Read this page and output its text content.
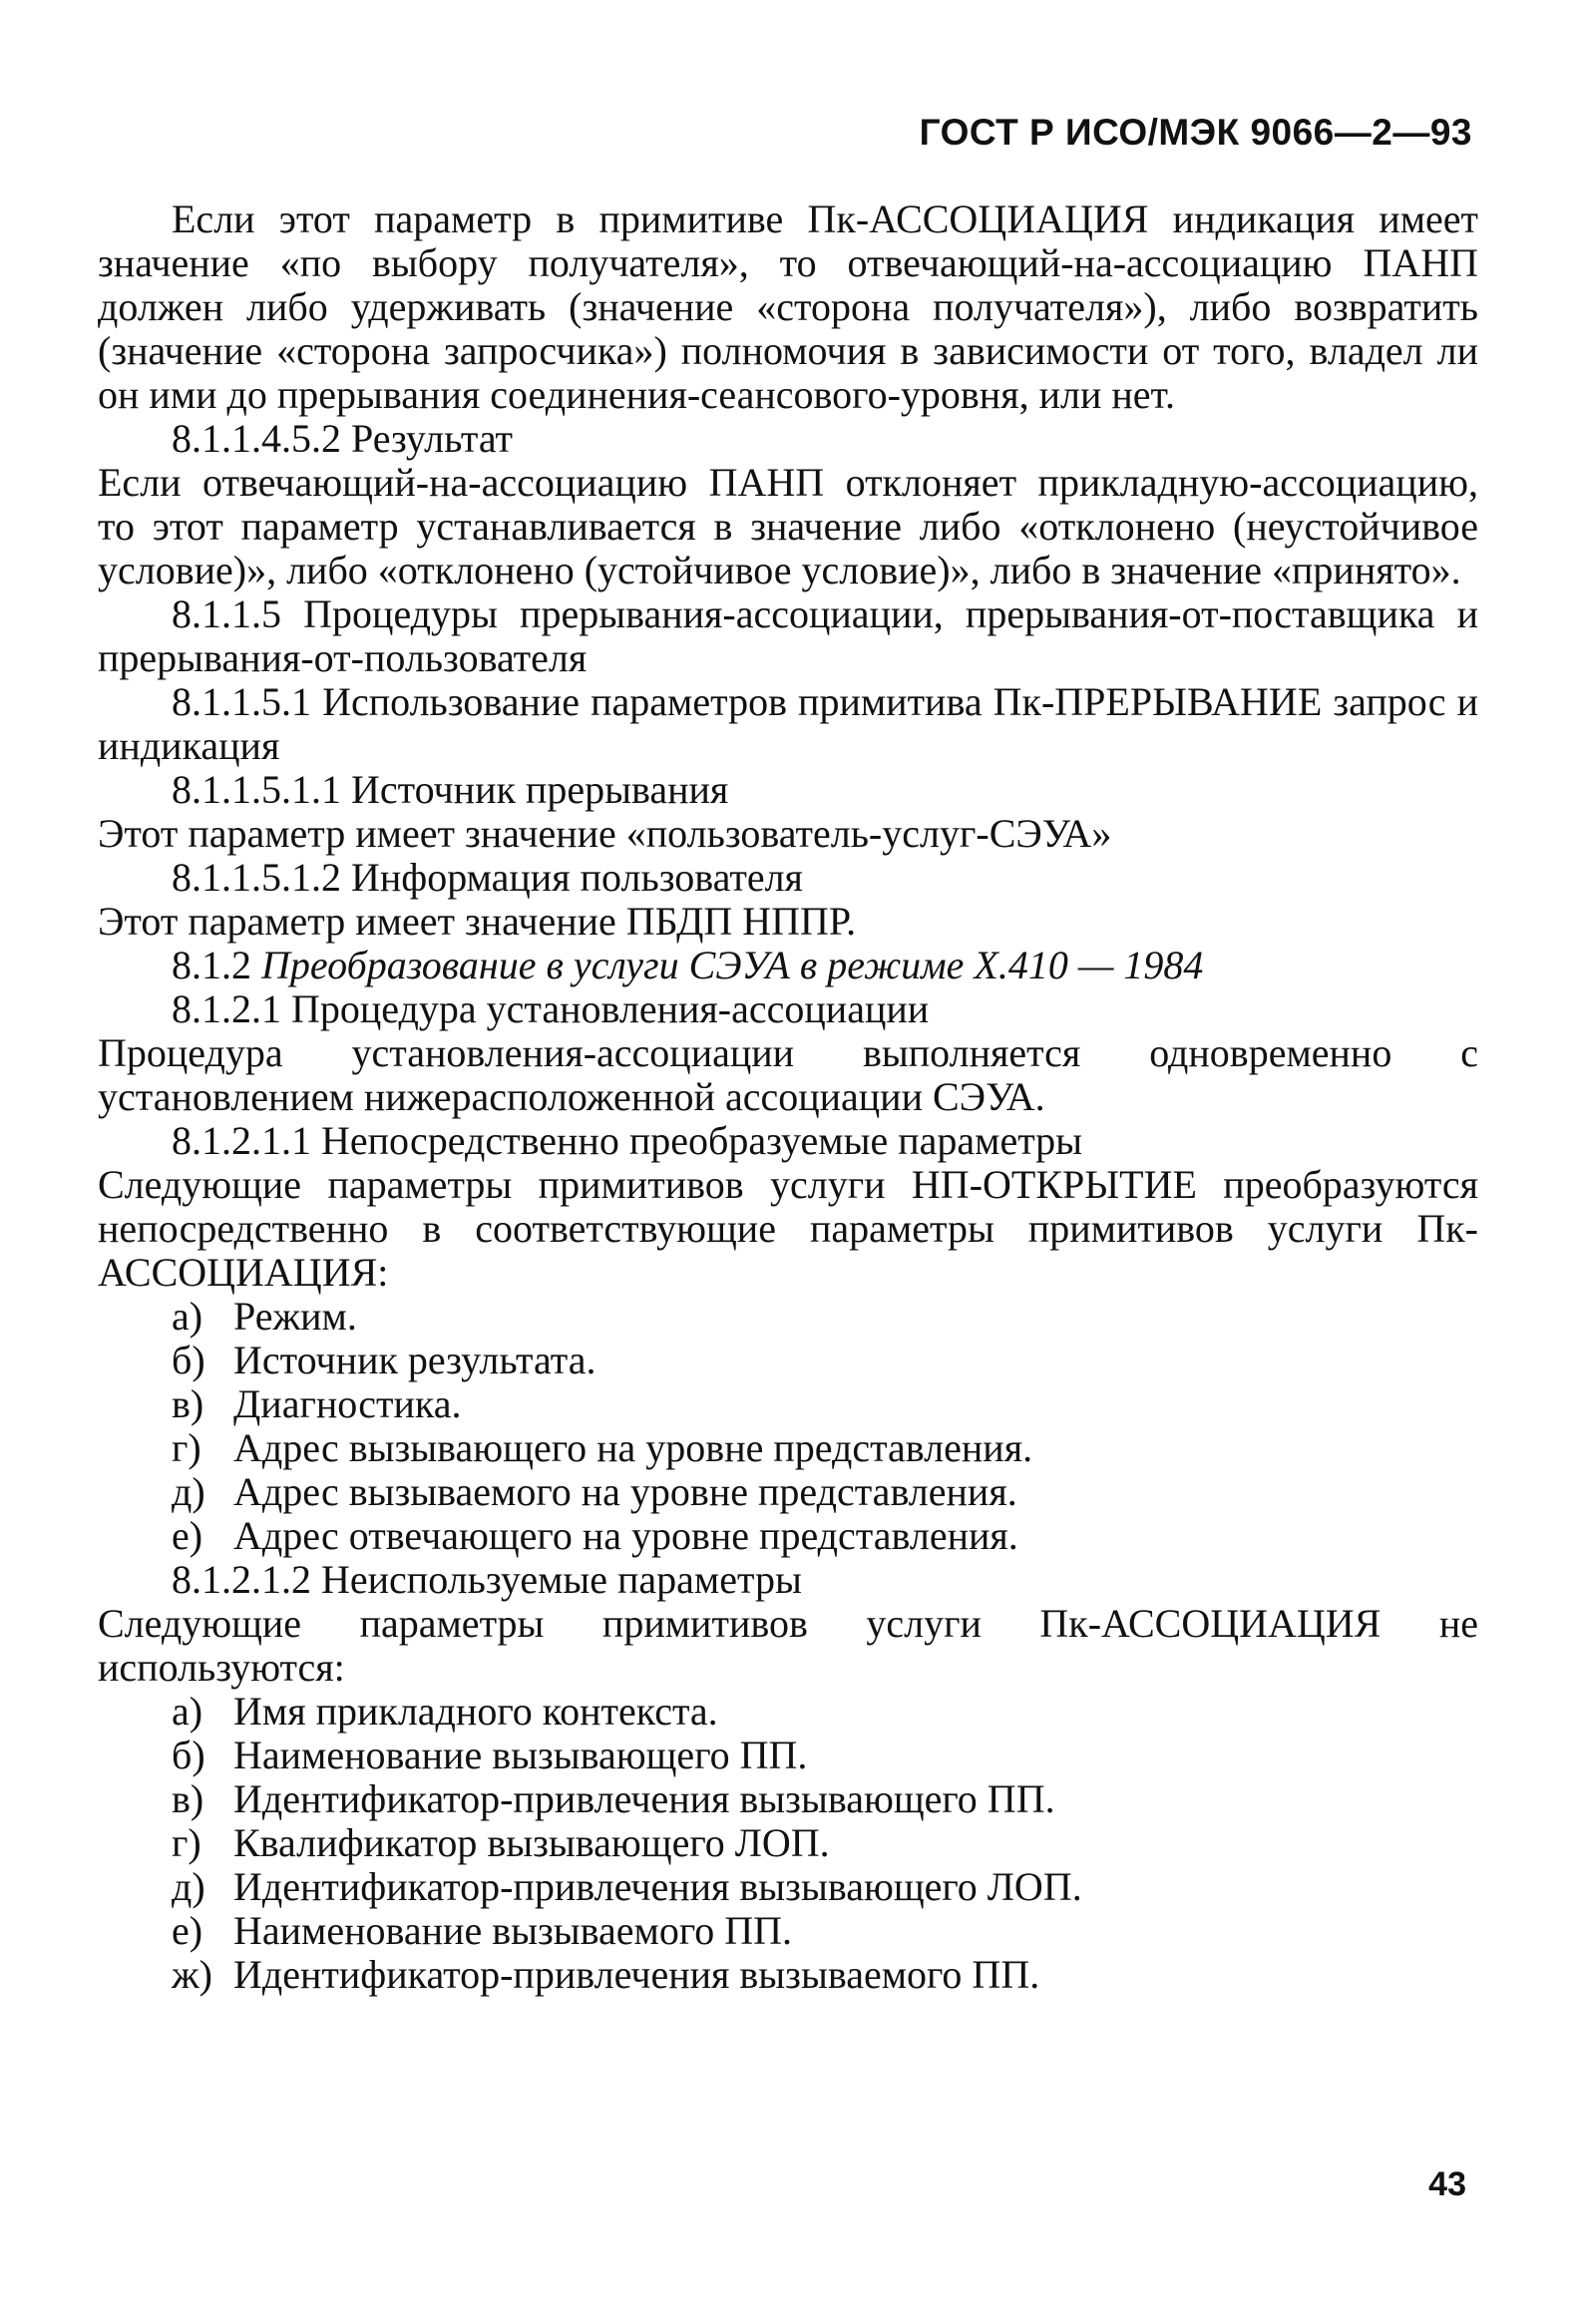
ГОСТ Р ИСО/МЭК 9066—2—93

Если этот параметр в примитиве Пк-АССОЦИАЦИЯ индикация имеет значение «по выбору получателя», то отвечающий-на-ассоциацию ПАНП должен либо удерживать (значение «сторона получателя»), либо возвратить (значение «сторона запросчика») полномочия в зависимости от того, владел ли он ими до прерывания соединения-сеансового-уровня, или нет.

8.1.1.4.5.2 Результат

Если отвечающий-на-ассоциацию ПАНП отклоняет прикладную-ассоциацию, то этот параметр устанавливается в значение либо «отклонено (неустойчивое условие)», либо «отклонено (устойчивое условие)», либо в значение «принято».

8.1.1.5 Процедуры прерывания-ассоциации, прерывания-от-поставщика и прерывания-от-пользователя

8.1.1.5.1 Использование параметров примитива Пк-ПРЕРЫВАНИЕ запрос и индикация

8.1.1.5.1.1 Источник прерывания

Этот параметр имеет значение «пользователь-услуг-СЭУА»

8.1.1.5.1.2 Информация пользователя

Этот параметр имеет значение ПБДП НППР.

8.1.2 Преобразование в услуги СЭУА в режиме Х.410 — 1984

8.1.2.1 Процедура установления-ассоциации

Процедура установления-ассоциации выполняется одновременно с установлением нижерасположенной ассоциации СЭУА.

8.1.2.1.1 Непосредственно преобразуемые параметры

Следующие параметры примитивов услуги НП-ОТКРЫТИЕ преобразуются непосредственно в соответствующие параметры примитивов услуги Пк-АССОЦИАЦИЯ:

а) Режим.
б) Источник результата.
в) Диагностика.
г) Адрес вызывающего на уровне представления.
д) Адрес вызываемого на уровне представления.
е) Адрес отвечающего на уровне представления.

8.1.2.1.2 Неиспользуемые параметры

Следующие параметры примитивов услуги Пк-АССОЦИАЦИЯ не используются:

а) Имя прикладного контекста.
б) Наименование вызывающего ПП.
в) Идентификатор-привлечения вызывающего ПП.
г) Квалификатор вызывающего ЛОП.
д) Идентификатор-привлечения вызывающего ЛОП.
е) Наименование вызываемого ПП.
ж) Идентификатор-привлечения вызываемого ПП.
43
